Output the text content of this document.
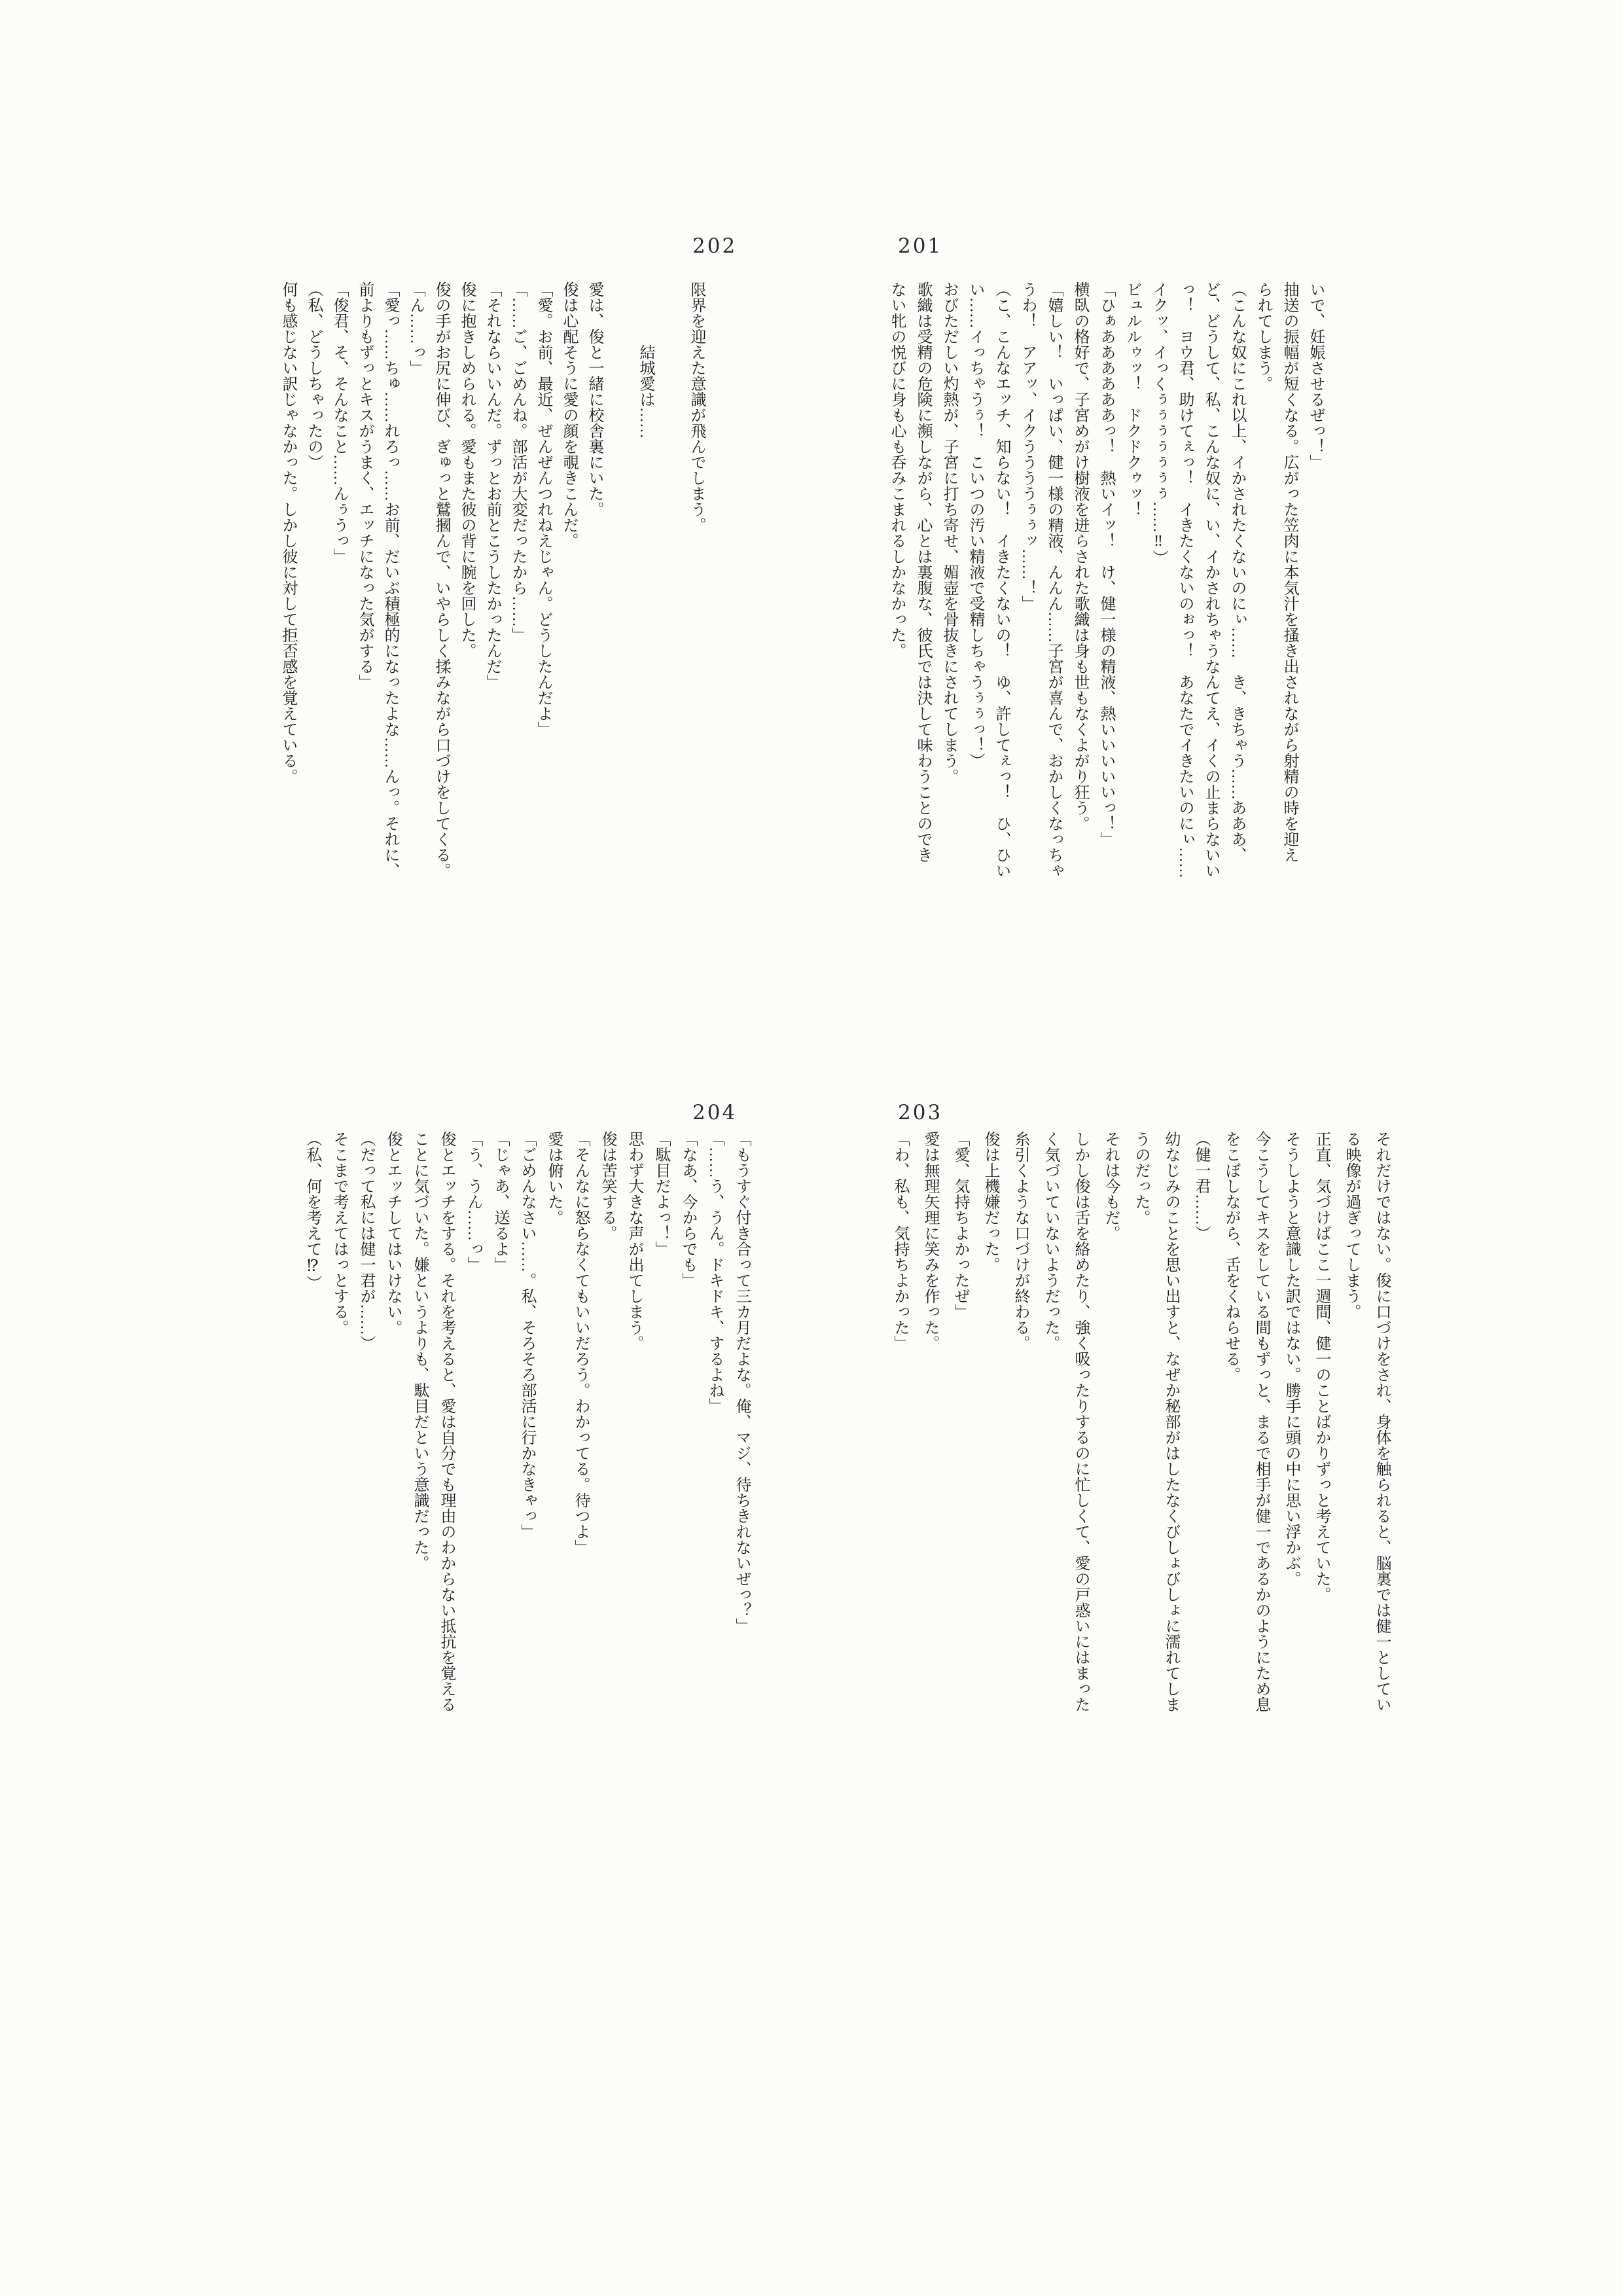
202	201
限界を迎えた意識が飛んでしまう。
　　　　結城愛は……
愛は、俊と一緒に校舎裏にいた。
俊は心配そうに愛の顔を覗きこんだ。
「愛。お前、最近、ぜんぜんつれねえじゃん。どうしたんだよ」
「……ご、ごめんね。部活が大変だったから……」
「それならいいんだ。ずっとお前とこうしたかったんだ」
俊に抱きしめられる。愛もまた彼の背に腕を回した。
俊の手がお尻に伸び、ぎゅっと鷲摑んで、いやらしく揉みながら口づけをしてくる。
「ん……っ」
「愛っ……ちゅ……れろっ……お前、だいぶ積極的になったよな……んっ。それに、
前よりもずっとキスがうまく、エッチになった気がする」
「俊君、そ、そんなこと……んぅうっ」
（私、どうしちゃったの）
何も感じない訳じゃなかった。しかし彼に対して拒否感を覚えている。	いで、妊娠させるぜっ！」
抽送の振幅が短くなる。広がった笠肉に本気汁を搔き出されながら射精の時を迎え
られてしまう。
（こんな奴にこれ以上、イかされたくないのにぃ……　き、きちゃう……あああ、
ど、どうして、私、こんな奴に、い、イかされちゃうなんてえ、イくの止まらないい
っ！　ヨウ君、助けてぇっ！　イきたくないのぉっ！　あなたでイきたいのにぃ……
イクッ、イっくぅぅぅぅぅぅぅ……‼）
ビュルルゥッ！　ドクドクゥッ！
「ひぁああああああっ！　熱いイッ！　け、健一様の精液、熱いいいいいっ！」
横臥の格好で、子宮めがけ樹液を迸らされた歌織は身も世もなくよがり狂う。
「嬉しい！　いっぱい、健一様の精液、んんん……子宮が喜んで、おかしくなっちゃ
うわ！　アアッ、イクううううぅぅッ……！」
（こ、こんなエッチ、知らない！　イきたくないの！　ゆ、許してぇっ！　ひ、ひい
い……イっちゃうぅ！　こいつの汚い精液で受精しちゃうぅぅっ！）
おびただしい灼熱が、子宮に打ち寄せ、媚壺を骨抜きにされてしまう。
歌織は受精の危険に瀕しながら、心とは裏腹な、彼氏では決して味わうことのでき
ない牝の悦びに身も心も呑みこまれるしかなかった。
204	203
「もうすぐ付き合って三カ月だよな。俺、マジ、待ちきれないぜっ？」
「……う、うん。ドキドキ、するよね」
「なあ、今からでも」
「駄目だよっ！」
思わず大きな声が出てしまう。
俊は苦笑する。
「そんなに怒らなくてもいいだろう。わかってる。待つよ」
愛は俯いた。
「ごめんなさい……。私、そろそろ部活に行かなきゃっ」
「じゃあ、送るよ」
「う、うん……っ」
俊とエッチをする。それを考えると、愛は自分でも理由のわからない抵抗を覚える
ことに気づいた。嫌というよりも、駄目だという意識だった。
俊とエッチしてはいけない。
（だって私には健一君が……）
そこまで考えてはっとする。
（私、何を考えて⁉）	それだけではない。俊に口づけをされ、身体を触られると、脳裏では健一としてい
る映像が過ぎってしまう。
正直、気づけばここ一週間、健一のことばかりずっと考えていた。
そうしようと意識した訳ではない。勝手に頭の中に思い浮かぶ。
今こうしてキスをしている間もずっと、まるで相手が健一であるかのようにため息
をこぼしながら、舌をくねらせる。
（健一君……）
幼なじみのことを思い出すと、なぜか秘部がはしたなくびしょびしょに濡れてしま
うのだった。
それは今もだ。
しかし俊は舌を絡めたり、強く吸ったりするのに忙しくて、愛の戸惑いにはまった
く気づいていないようだった。
糸引くような口づけが終わる。
俊は上機嫌だった。
「愛、気持ちよかったぜ」
愛は無理矢理に笑みを作った。
「わ、私も、気持ちよかった」
